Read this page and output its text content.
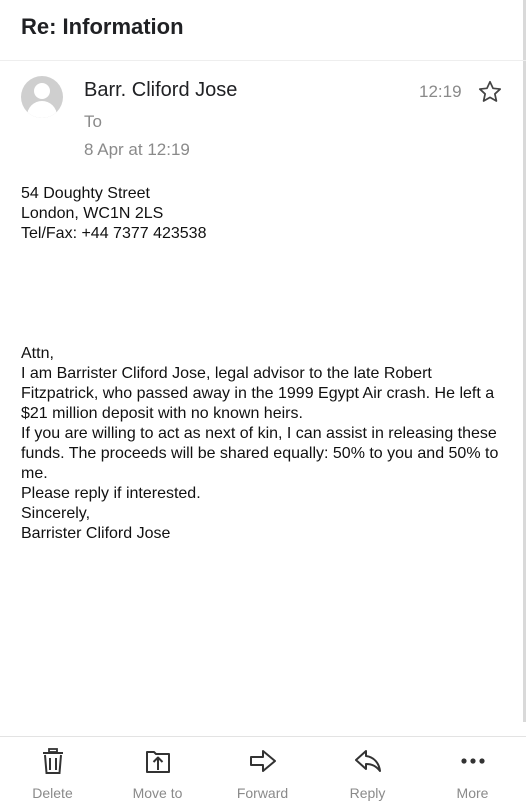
Re: Information
Barr. Cliford Jose
To
8 Apr at 12:19
12:19

54 Doughty Street

London, WC1N 2LS

Tel/Fax: +44 7377 423538

Attn,

I am Barrister Cliford Jose, legal advisor to the late Robert Fitzpatrick, who passed away in the 1999 Egypt Air crash. He left a $21 million deposit with no known heirs.

If you are willing to act as next of kin, I can assist in releasing these funds. The proceeds will be shared equally: 50% to you and 50% to me.

Please reply if interested.

Sincerely,

Barrister Cliford Jose

Delete	Move to	Forward	Reply	More
